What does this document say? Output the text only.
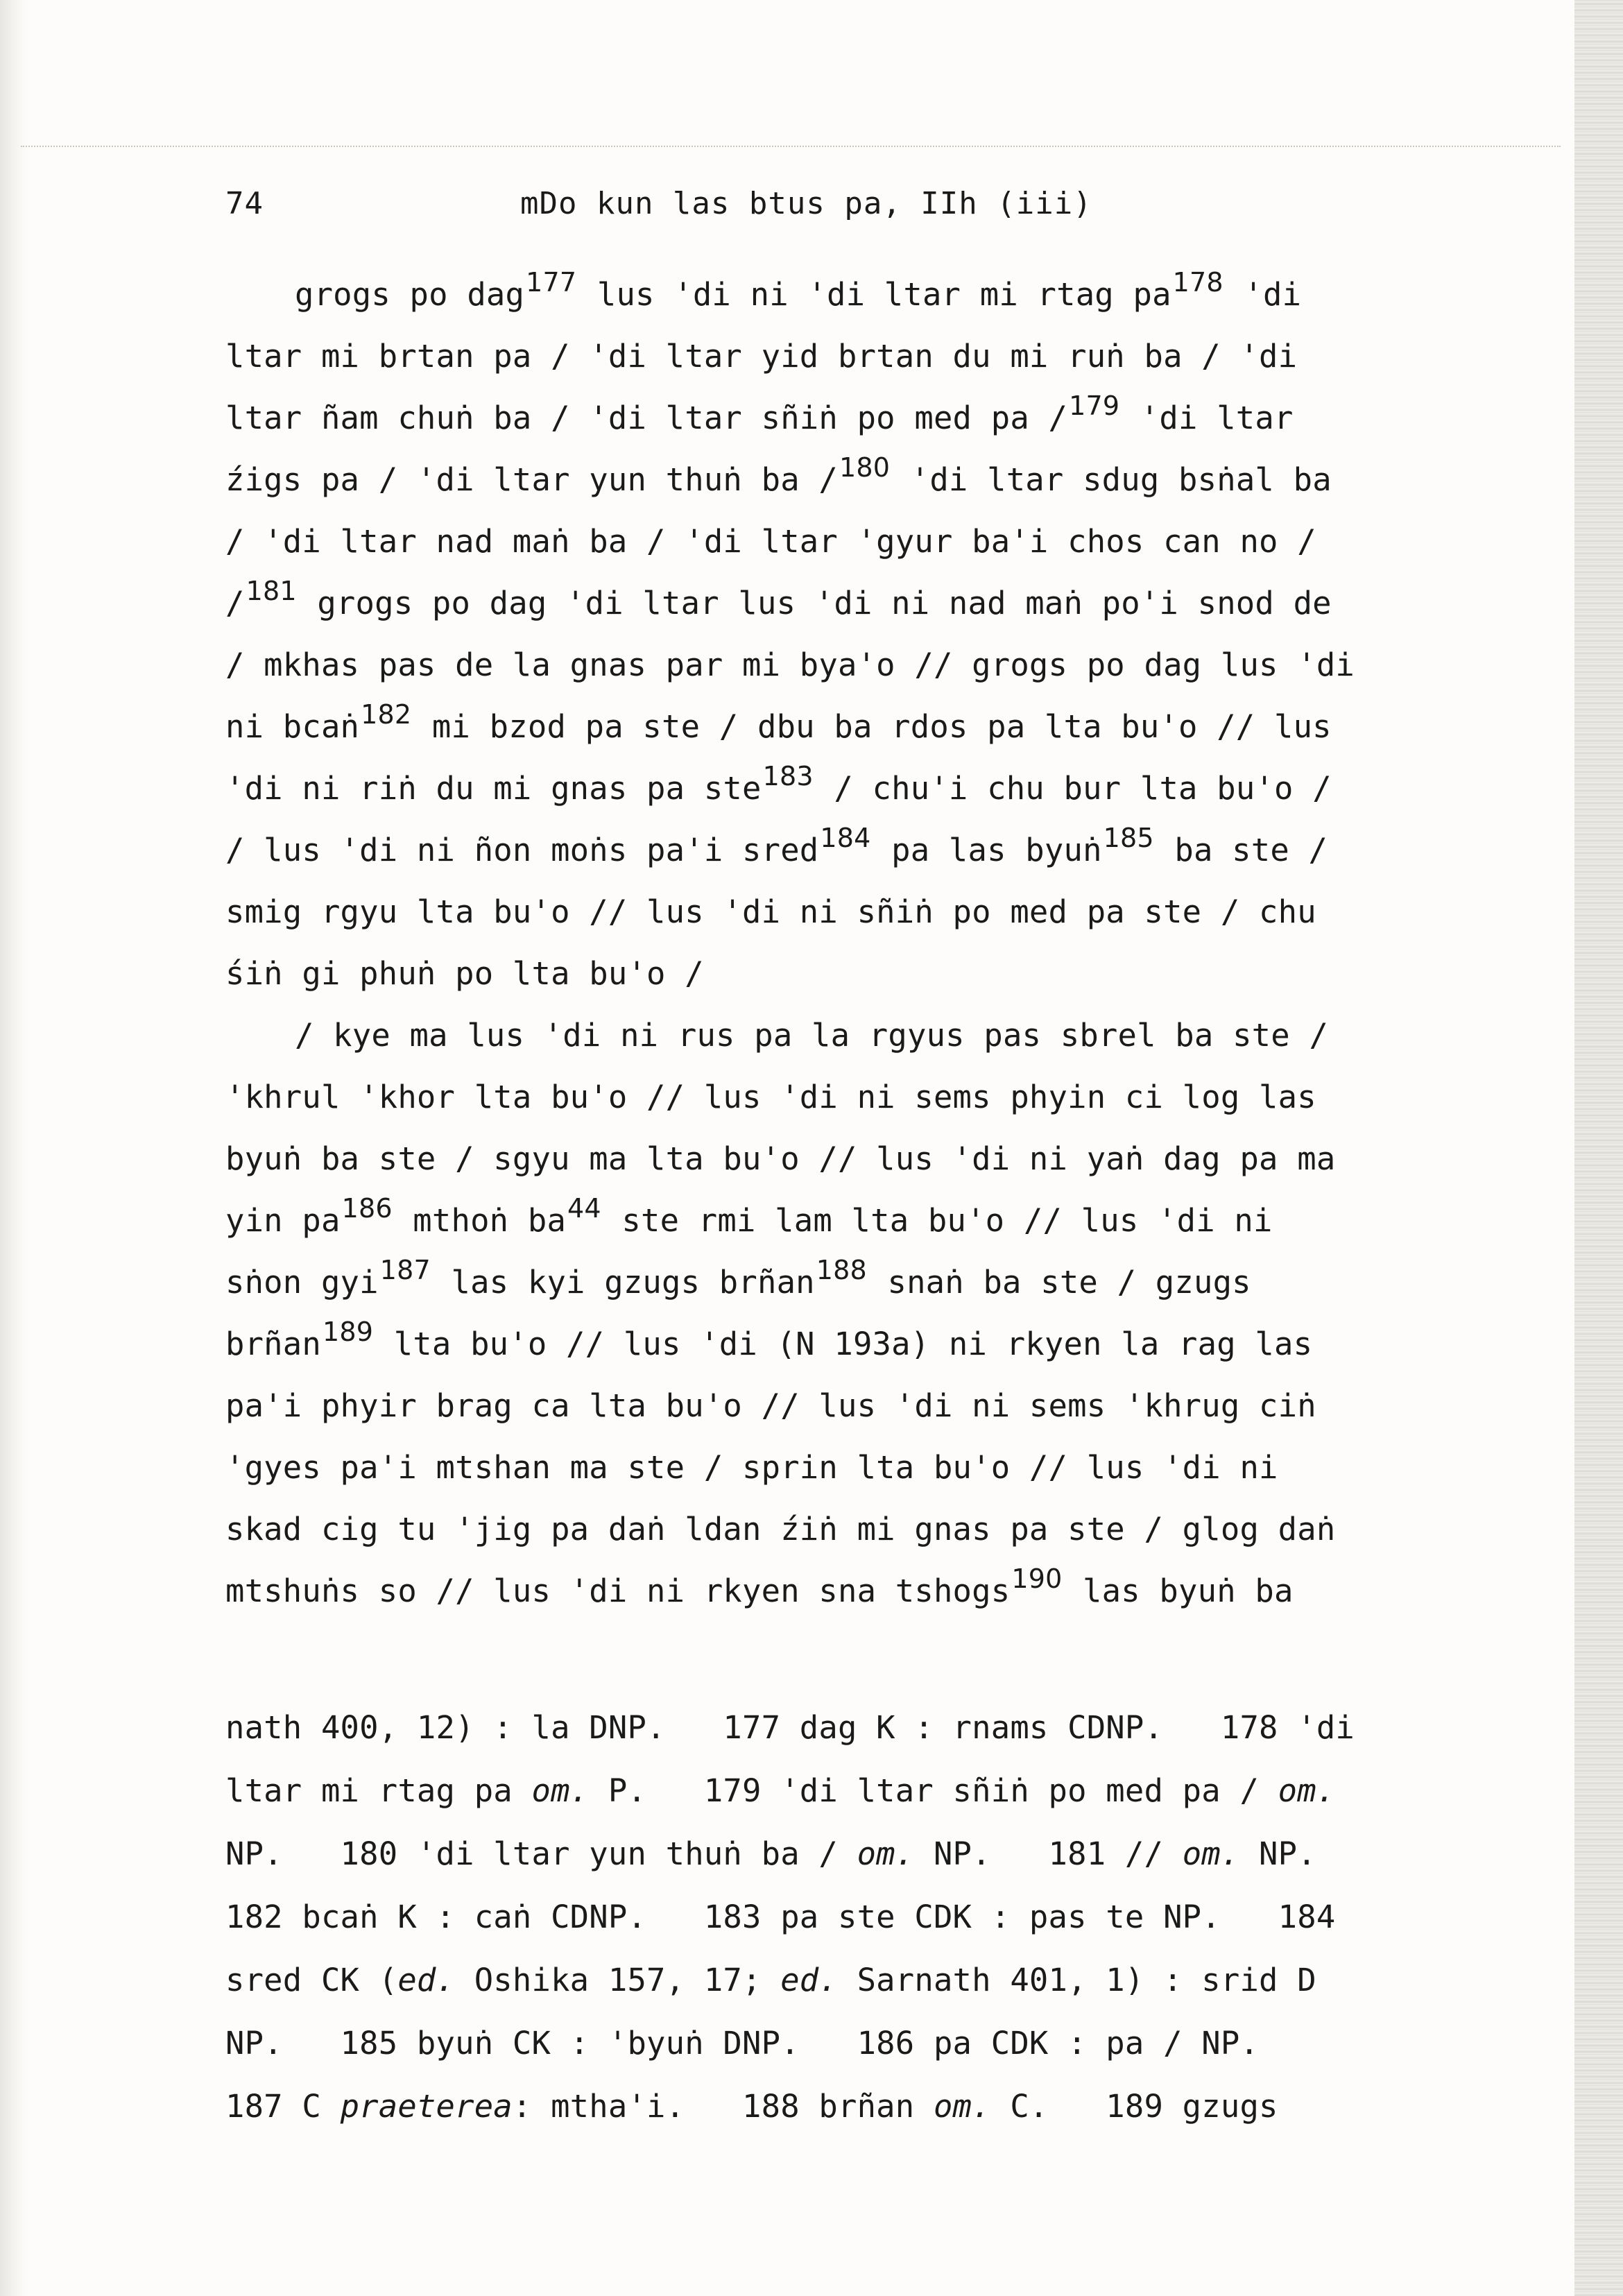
74	mDo kun las btus pa, IIh (iii)
grogs po dag$^{177}$ lus 'di ni 'di ltar mi rtag pa$^{178}$ 'di
ltar mi brtan pa / 'di ltar yid brtan du mi ruṅ ba / 'di
ltar ñam chuṅ ba / 'di ltar sñiṅ po med pa /$^{179}$ 'di ltar
źigs pa / 'di ltar yun thuṅ ba /$^{180}$ 'di ltar sdug bsṅal ba
/ 'di ltar nad maṅ ba / 'di ltar 'gyur ba'i chos can no /
/$^{181}$ grogs po dag 'di ltar lus 'di ni nad maṅ po'i snod de
/ mkhas pas de la gnas par mi bya'o // grogs po dag lus 'di
ni bcaṅ$^{182}$ mi bzod pa ste / dbu ba rdos pa lta bu'o // lus
'di ni riṅ du mi gnas pa ste$^{183}$ / chu'i chu bur lta bu'o /
/ lus 'di ni ñon moṅs pa'i sred$^{184}$ pa las byuṅ$^{185}$ ba ste /
smig rgyu lta bu'o // lus 'di ni sñiṅ po med pa ste / chu
śiṅ gi phuṅ po lta bu'o /
/ kye ma lus 'di ni rus pa la rgyus pas sbrel ba ste /
'khrul 'khor lta bu'o // lus 'di ni sems phyin ci log las
byuṅ ba ste / sgyu ma lta bu'o // lus 'di ni yaṅ dag pa ma
yin pa$^{186}$ mthoṅ ba$^{44}$ ste rmi lam lta bu'o // lus 'di ni
sṅon gyi$^{187}$ las kyi gzugs brñan$^{188}$ snaṅ ba ste / gzugs
brñan$^{189}$ lta bu'o // lus 'di (N 193a) ni rkyen la rag las
pa'i phyir brag ca lta bu'o // lus 'di ni sems 'khrug ciṅ
'gyes pa'i mtshan ma ste / sprin lta bu'o // lus 'di ni
skad cig tu 'jig pa daṅ ldan źiṅ mi gnas pa ste / glog daṅ
mtshuṅs so // lus 'di ni rkyen sna tshogs$^{190}$ las byuṅ ba
nath 400, 12) : la DNP.   177 dag K : rnams CDNP.   178 'di
ltar mi rtag pa om. P.   179 'di ltar sñiṅ po med pa / om.
NP.   180 'di ltar yun thuṅ ba / om. NP.   181 // om. NP.
182 bcaṅ K : caṅ CDNP.   183 pa ste CDK : pas te NP.   184
sred CK (ed. Oshika 157, 17; ed. Sarnath 401, 1) : srid D
NP.   185 byuṅ CK : 'byuṅ DNP.   186 pa CDK : pa / NP.
187 C praeterea: mtha'i.   188 brñan om. C.   189 gzugs
